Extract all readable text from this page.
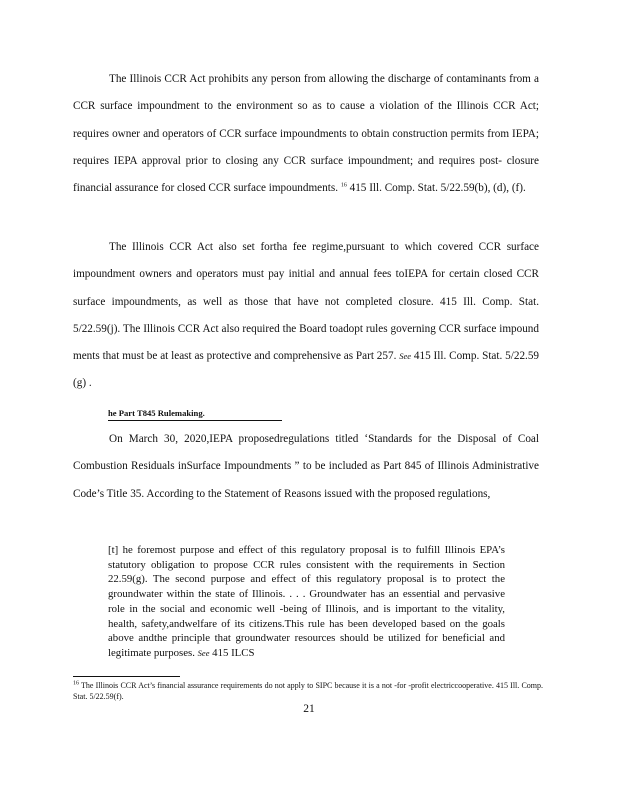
The Illinois CCR Act prohibits any person from allowing the discharge of contaminants from a CCR surface impoundment to the environment so as to cause a violation of the Illinois CCR Act; requires owner and operators of CCR surface impoundments to obtain construction permits from IEPA; requires IEPA approval prior to closing any CCR surface impoundment; and requires post- closure financial assurance for closed CCR surface impoundments. $^{16}$ 415 Ill. Comp. Stat. 5/22.59(b), (d), (f).

The Illinois CCR Act also set fortha fee regime,pursuant to which covered CCR surface impoundment owners and operators must pay initial and annual fees toIEPA for certain closed CCR surface impoundments, as well as those that have not completed closure. 415 Ill. Comp. Stat. 5/22.59(j). The Illinois CCR Act also required the Board toadopt rules governing CCR surface impound ments that must be at least as protective and comprehensive as Part 257. See 415 Ill. Comp. Stat. 5/22.59 (g) .

he Part T845 Rulemaking.

On March 30, 2020,IEPA proposedregulations titled ‘Standards for the Disposal of Coal Combustion Residuals inSurface Impoundments ” to be included as Part 845 of Illinois Administrative Code’s Title 35. According to the Statement of Reasons issued with the proposed regulations,

[t] he foremost purpose and effect of this regulatory proposal is to fulfill Illinois EPA’s statutory obligation to propose CCR rules consistent with the requirements in Section 22.59(g). The second purpose and effect of this regulatory proposal is to protect the groundwater within the state of Illinois. . . . Groundwater has an essential and pervasive role in the social and economic well -being of Illinois, and is important to the vitality, health, safety,andwelfare of its citizens.This rule has been developed based on the goals above andthe principle that groundwater resources should be utilized for beneficial and legitimate purposes. See 415 ILCS

$^{16}$ The Illinois CCR Act’s financial assurance requirements do not apply to SIPC because it is a not -for -profit electriccooperative. 415 Ill. Comp. Stat. 5/22.59(f).

21
